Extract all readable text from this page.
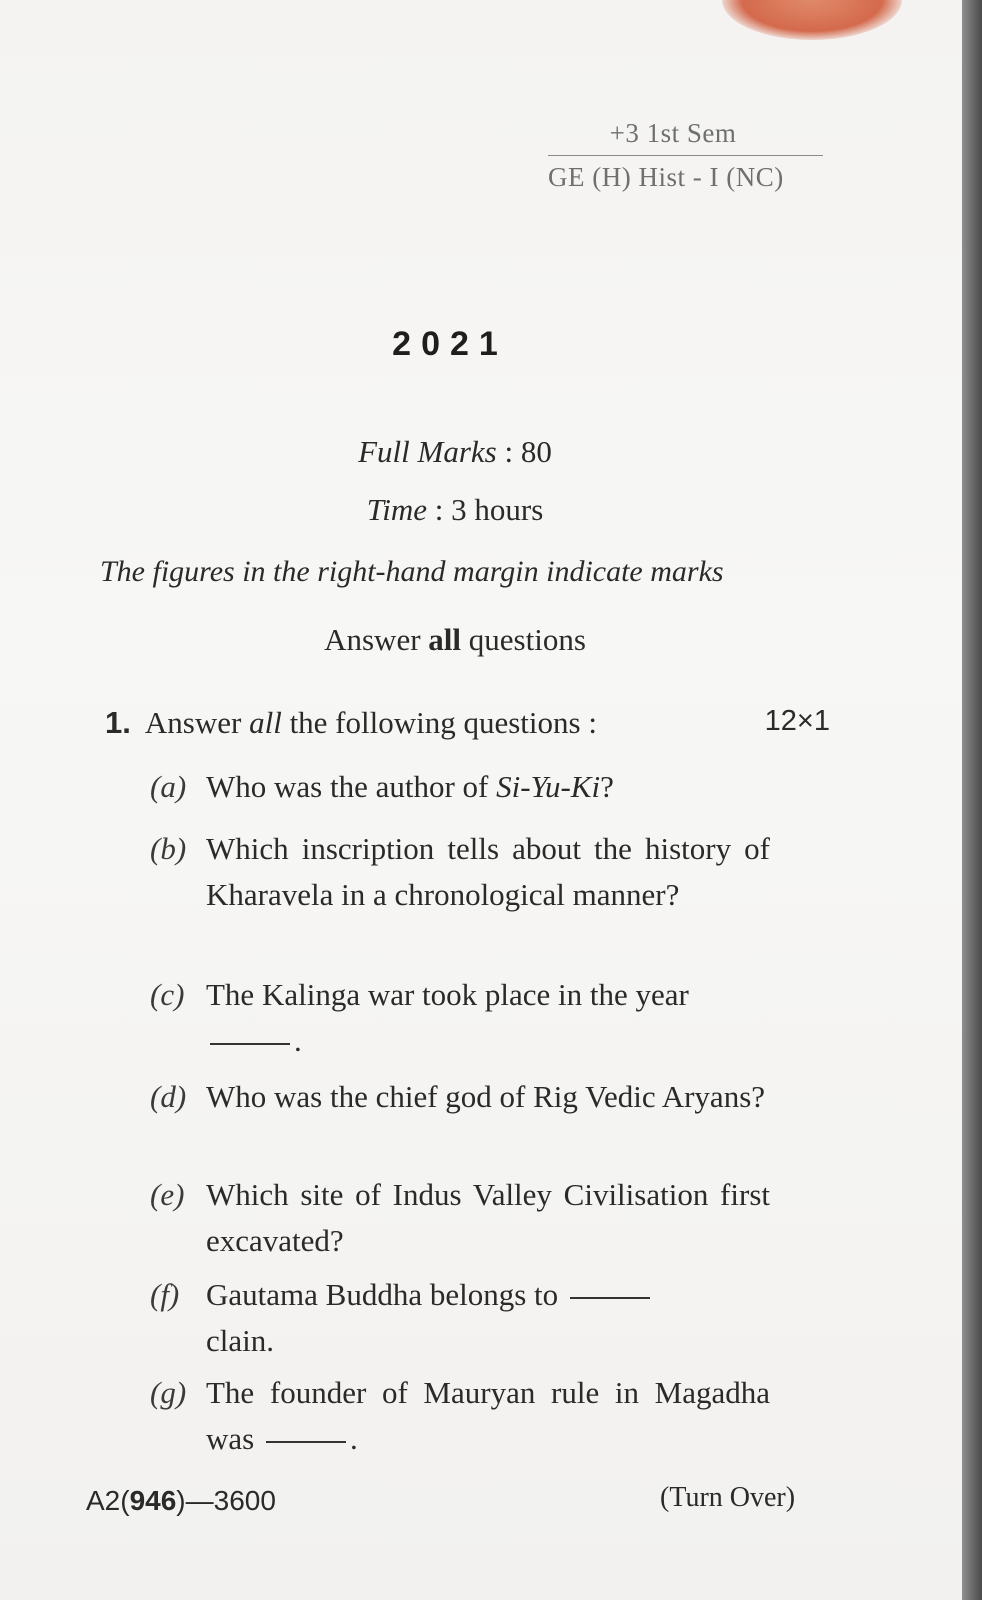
+3 1st Sem
GE (H) Hist - I (NC)
2021
Full Marks : 80
Time : 3 hours
The figures in the right-hand margin indicate marks
Answer all questions
1. Answer all the following questions :	12×1
(a) Who was the author of Si-Yu-Ki?
(b) Which inscription tells about the history of Kharavela in a chronological manner?
(c) The Kalinga war took place in the year
.
(d) Who was the chief god of Rig Vedic Aryans?
(e) Which site of Indus Valley Civilisation first excavated?
(f) Gautama Buddha belongs to
clain.
(g) The founder of Mauryan rule in Magadha was	.
A2(946)—3600	(Turn Over)
